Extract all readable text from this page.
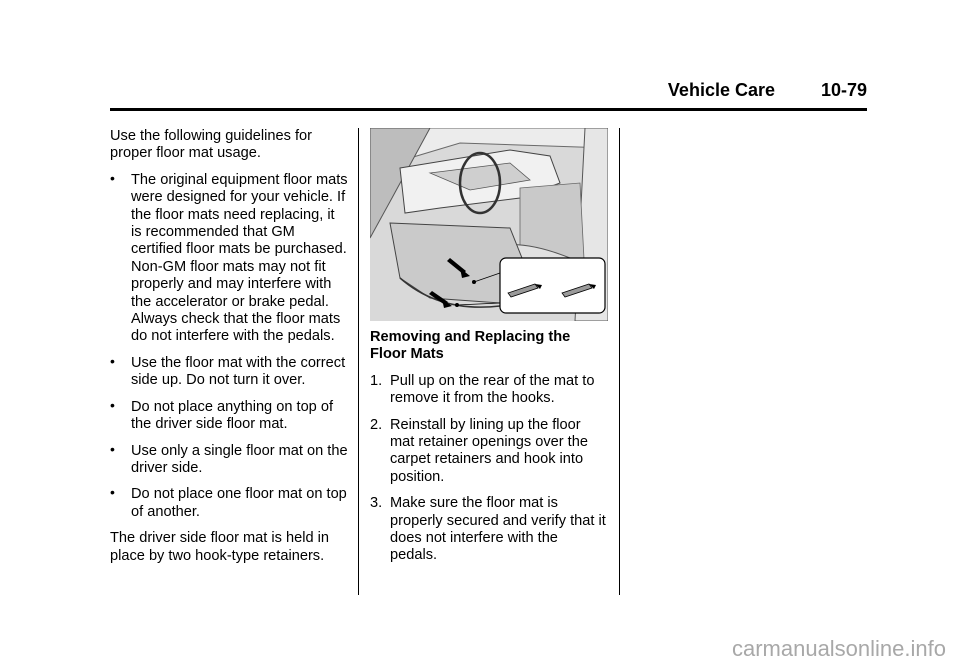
Vehicle Care	10-79

Use the following guidelines for proper floor mat usage.

• The original equipment floor mats were designed for your vehicle. If the floor mats need replacing, it is recommended that GM certified floor mats be purchased. Non-GM floor mats may not fit properly and may interfere with the accelerator or brake pedal. Always check that the floor mats do not interfere with the pedals.
• Use the floor mat with the correct side up. Do not turn it over.
• Do not place anything on top of the driver side floor mat.
• Use only a single floor mat on the driver side.
• Do not place one floor mat on top of another.

The driver side floor mat is held in place by two hook-type retainers.

Removing and Replacing the Floor Mats

1. Pull up on the rear of the mat to remove it from the hooks.
2. Reinstall by lining up the floor mat retainer openings over the carpet retainers and hook into position.
3. Make sure the floor mat is properly secured and verify that it does not interfere with the pedals.
carmanualsonline.info
